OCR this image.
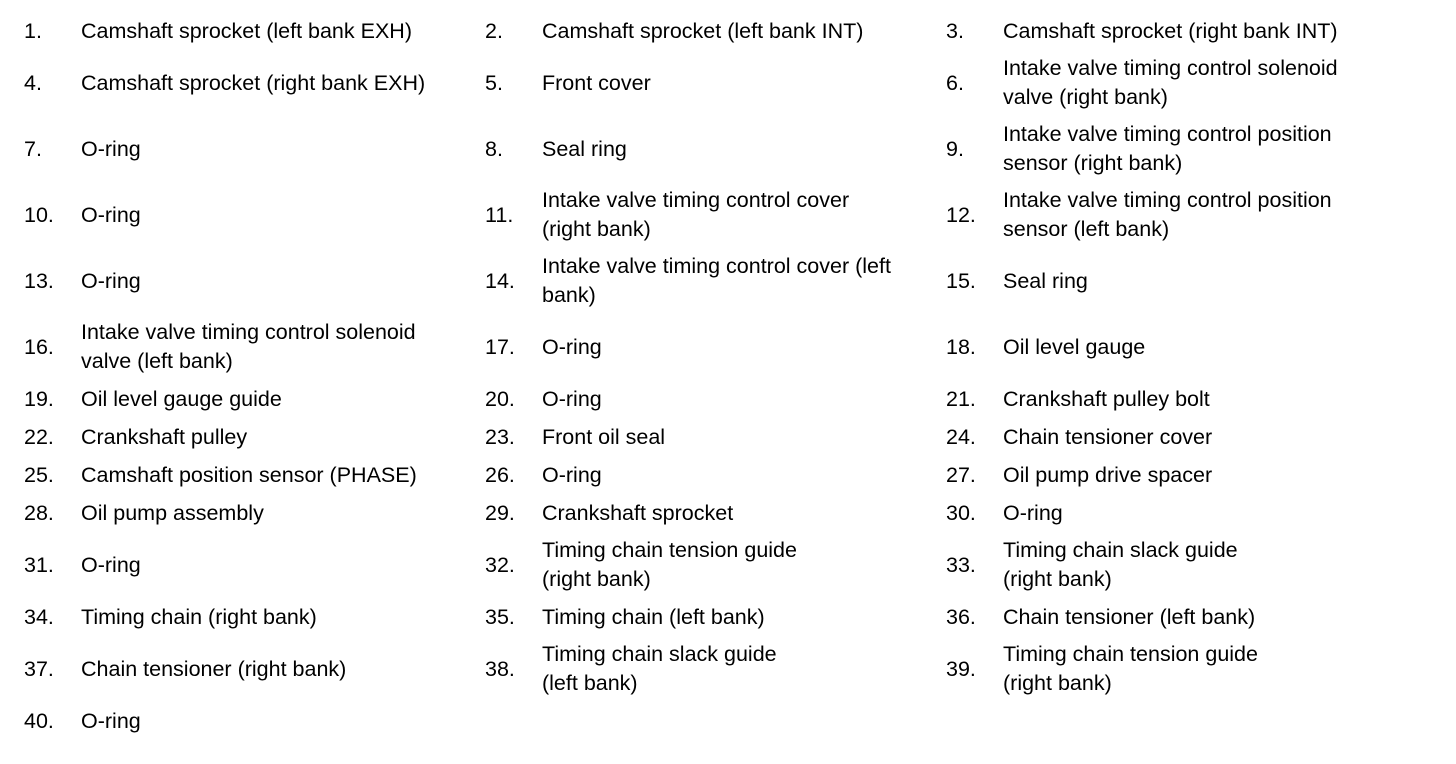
1.	Camshaft sprocket (left bank EXH)	2.	Camshaft sprocket (left bank INT)	3.	Camshaft sprocket (right bank INT)
4.	Camshaft sprocket (right bank EXH)	5.	Front cover	6.
Intake valve timing control solenoid
valve (right bank)
7.	O-ring	8.	Seal ring	9.
Intake valve timing control position
sensor (right bank)
10.	O-ring	11.
Intake valve timing control cover
(right bank)
12.
Intake valve timing control position
sensor (left bank)
13.	O-ring	14.
Intake valve timing control cover (left
bank)
15.	Seal ring
16.
Intake valve timing control solenoid
valve (left bank)
17.	O-ring	18.	Oil level gauge
19.	Oil level gauge guide	20.	O-ring	21.	Crankshaft pulley bolt
22.	Crankshaft pulley	23.	Front oil seal	24.	Chain tensioner cover
25.	Camshaft position sensor (PHASE)	26.	O-ring	27.	Oil pump drive spacer
28.	Oil pump assembly	29.	Crankshaft sprocket	30.	O-ring
31.	O-ring	32.
Timing chain tension guide
(right bank)
33.
Timing chain slack guide
(right bank)
34.	Timing chain (right bank)	35.	Timing chain (left bank)	36.	Chain tensioner (left bank)
37.	Chain tensioner (right bank)	38.
Timing chain slack guide
(left bank)
39.
Timing chain tension guide
(right bank)
40.	O-ring
